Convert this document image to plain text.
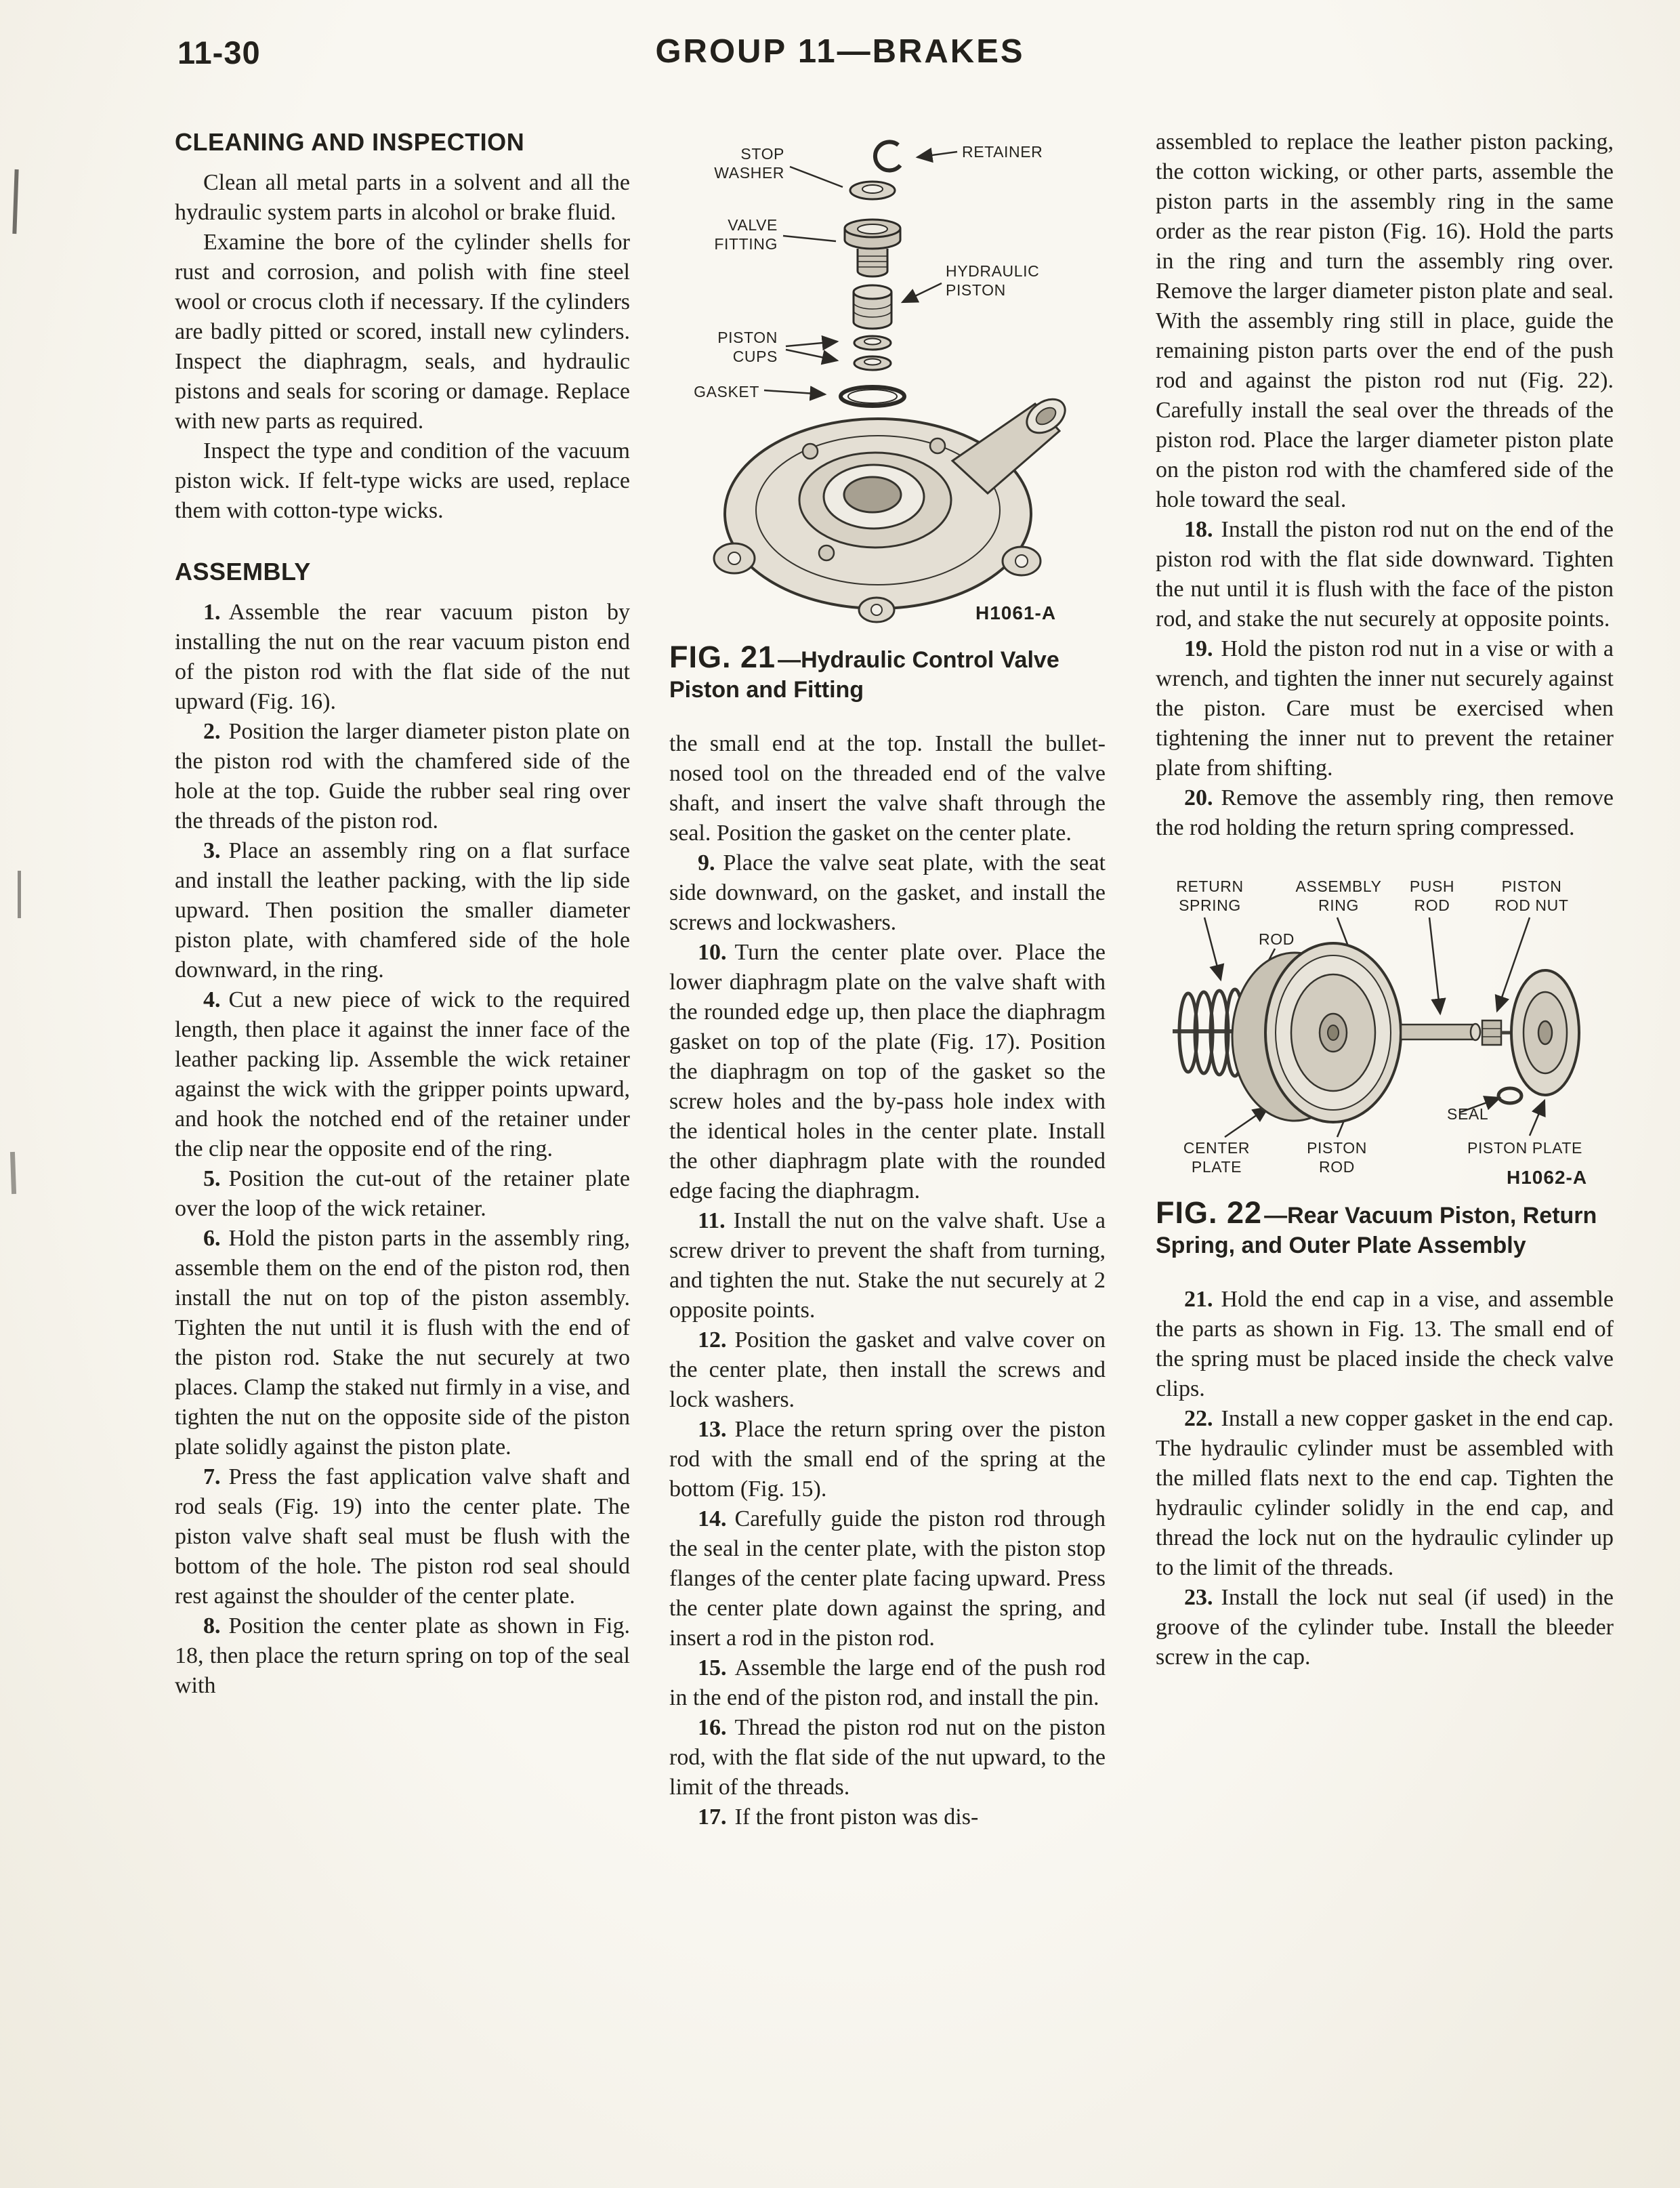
11-30	GROUP 11—BRAKES
CLEANING AND INSPECTION

Clean all metal parts in a solvent and all the hydraulic system parts in alcohol or brake fluid.

Examine the bore of the cylinder shells for rust and corrosion, and polish with fine steel wool or crocus cloth if necessary. If the cylinders are badly pitted or scored, install new cylinders. Inspect the diaphragm, seals, and hydraulic pistons and seals for scoring or damage. Replace with new parts as required.

Inspect the type and condition of the vacuum piston wick. If felt-type wicks are used, replace them with cotton-type wicks.

ASSEMBLY

1. Assemble the rear vacuum piston by installing the nut on the rear vacuum piston end of the piston rod with the flat side of the nut upward (Fig. 16).

2. Position the larger diameter piston plate on the piston rod with the chamfered side of the hole at the top. Guide the rubber seal ring over the threads of the piston rod.

3. Place an assembly ring on a flat surface and install the leather packing, with the lip side upward. Then position the smaller diameter piston plate, with chamfered side of the hole downward, in the ring.

4. Cut a new piece of wick to the required length, then place it against the inner face of the leather packing lip. Assemble the wick retainer against the wick with the gripper points upward, and hook the notched end of the retainer under the clip near the opposite end of the ring.

5. Position the cut-out of the retainer plate over the loop of the wick retainer.

6. Hold the piston parts in the assembly ring, assemble them on the end of the piston rod, then install the nut on top of the piston assembly. Tighten the nut until it is flush with the end of the piston rod. Stake the nut securely at two places. Clamp the staked nut firmly in a vise, and tighten the nut on the opposite side of the piston plate solidly against the piston plate.

7. Press the fast application valve shaft and rod seals (Fig. 19) into the center plate. The piston valve shaft seal must be flush with the bottom of the hole. The piston rod seal should rest against the shoulder of the center plate.

8. Position the center plate as shown in Fig. 18, then place the return spring on top of the seal with

STOP WASHER
RETAINER
VALVE FITTING
HYDRAULIC PISTON
PISTON CUPS
GASKET
H1061-A

FIG. 21—Hydraulic Control Valve Piston and Fitting

the small end at the top. Install the bullet-nosed tool on the threaded end of the valve shaft, and insert the valve shaft through the seal. Position the gasket on the center plate.

9. Place the valve seat plate, with the seat side downward, on the gasket, and install the screws and lockwashers.

10. Turn the center plate over. Place the lower diaphragm plate on the valve shaft with the rounded edge up, then place the diaphragm gasket on top of the plate (Fig. 17). Position the diaphragm on top of the gasket so the screw holes and the by-pass hole index with the identical holes in the center plate. Install the other diaphragm plate with the rounded edge facing the diaphragm.

11. Install the nut on the valve shaft. Use a screw driver to prevent the shaft from turning, and tighten the nut. Stake the nut securely at 2 opposite points.

12. Position the gasket and valve cover on the center plate, then install the screws and lock washers.

13. Place the return spring over the piston rod with the small end of the spring at the bottom (Fig. 15).

14. Carefully guide the piston rod through the seal in the center plate, with the piston stop flanges of the center plate facing upward. Press the center plate down against the spring, and insert a rod in the piston rod.

15. Assemble the large end of the push rod in the end of the piston rod, and install the pin.

16. Thread the piston rod nut on the piston rod, with the flat side of the nut upward, to the limit of the threads.

17. If the front piston was dis-

assembled to replace the leather piston packing, the cotton wicking, or other parts, assemble the piston parts in the assembly ring in the same order as the rear piston (Fig. 16). Hold the parts in the ring and turn the assembly ring over. Remove the larger diameter piston plate and seal. With the assembly ring still in place, guide the remaining piston parts over the end of the push rod and against the piston rod nut (Fig. 22). Carefully install the seal over the threads of the piston rod. Place the larger diameter piston plate on the piston rod with the chamfered side of the hole toward the seal.

18. Install the piston rod nut on the end of the piston rod with the flat side downward. Tighten the nut until it is flush with the face of the piston rod, and stake the nut securely at opposite points.

19. Hold the piston rod nut in a vise or with a wrench, and tighten the inner nut securely against the piston. Care must be exercised when tightening the inner nut to prevent the retainer plate from shifting.

20. Remove the assembly ring, then remove the rod holding the return spring compressed.

RETURN SPRING
ASSEMBLY RING
PUSH ROD
PISTON ROD NUT
ROD
SEAL
CENTER PLATE
PISTON ROD
PISTON PLATE
H1062-A

FIG. 22—Rear Vacuum Piston, Return Spring, and Outer Plate Assembly

21. Hold the end cap in a vise, and assemble the parts as shown in Fig. 13. The small end of the spring must be placed inside the check valve clips.

22. Install a new copper gasket in the end cap. The hydraulic cylinder must be assembled with the milled flats next to the end cap. Tighten the hydraulic cylinder solidly in the end cap, and thread the lock nut on the hydraulic cylinder up to the limit of the threads.

23. Install the lock nut seal (if used) in the groove of the cylinder tube. Install the bleeder screw in the cap.
